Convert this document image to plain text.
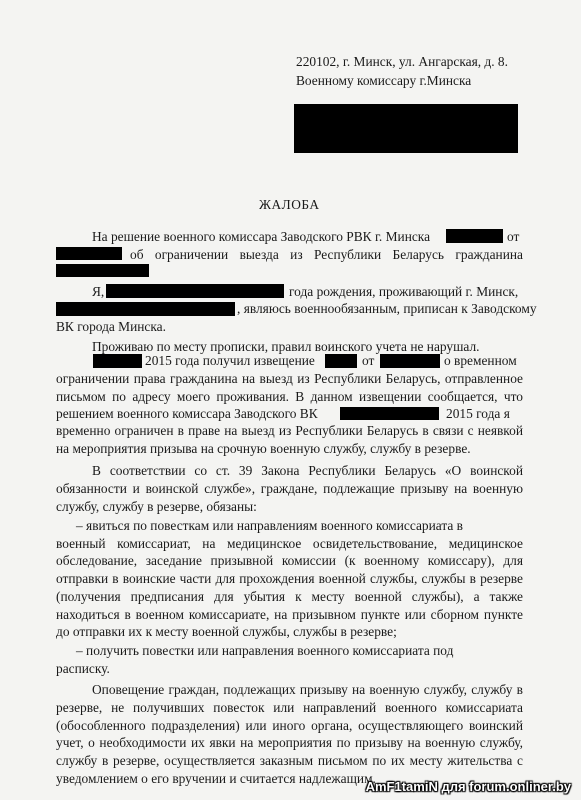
220102, г. Минск, ул. Ангарская, д. 8.
Военному комиссару г.Минска
ЖАЛОБА
На решение военного комиссара Заводского РВК г. Минска	от
об ограничении выезда из Республики Беларусь гражданина
Я,	года рождения, проживающий г. Минск,
, являюсь военнообязанным, приписан к Заводскому
ВК города Минска.
Проживаю по месту прописки, правил воинского учета не нарушал.
2015 года получил извещение	от	о временном
ограничении права гражданина на выезд из Республики Беларусь, отправленное
письмом по адресу моего проживания. В данном извещении сообщается, что
решением военного комиссара Заводского ВК	2015 года я
временно ограничен в праве на выезд из Республики Беларусь в связи с неявкой
на мероприятия призыва на срочную военную службу, службу в резерве.
В соответствии со ст. 39 Закона Республики Беларусь «О воинской
обязанности и воинской службе», граждане, подлежащие призыву на военную
службу, службу в резерве, обязаны:
– явиться по повесткам или направлениям военного комиссариата в
военный комиссариат, на медицинское освидетельствование, медицинское
обследование, заседание призывной комиссии (к военному комиссару), для
отправки в воинские части для прохождения военной службы, службы в резерве
(получения предписания для убытия к месту военной службы), а также
находиться в военном комиссариате, на призывном пункте или сборном пункте
до отправки их к месту военной службы, службы в резерве;
– получить повестки или направления военного комиссариата под
расписку.
Оповещение граждан, подлежащих призыву на военную службу, службу в
резерве, не получивших повесток или направлений военного комиссариата
(обособленного подразделения) или иного органа, осуществляющего воинский
учет, о необходимости их явки на мероприятия по призыву на военную службу,
службу в резерве, осуществляется заказным письмом по их месту жительства с
уведомлением о его вручении и считается надлежащим.
AmF1tamiN для forum.onliner.by
